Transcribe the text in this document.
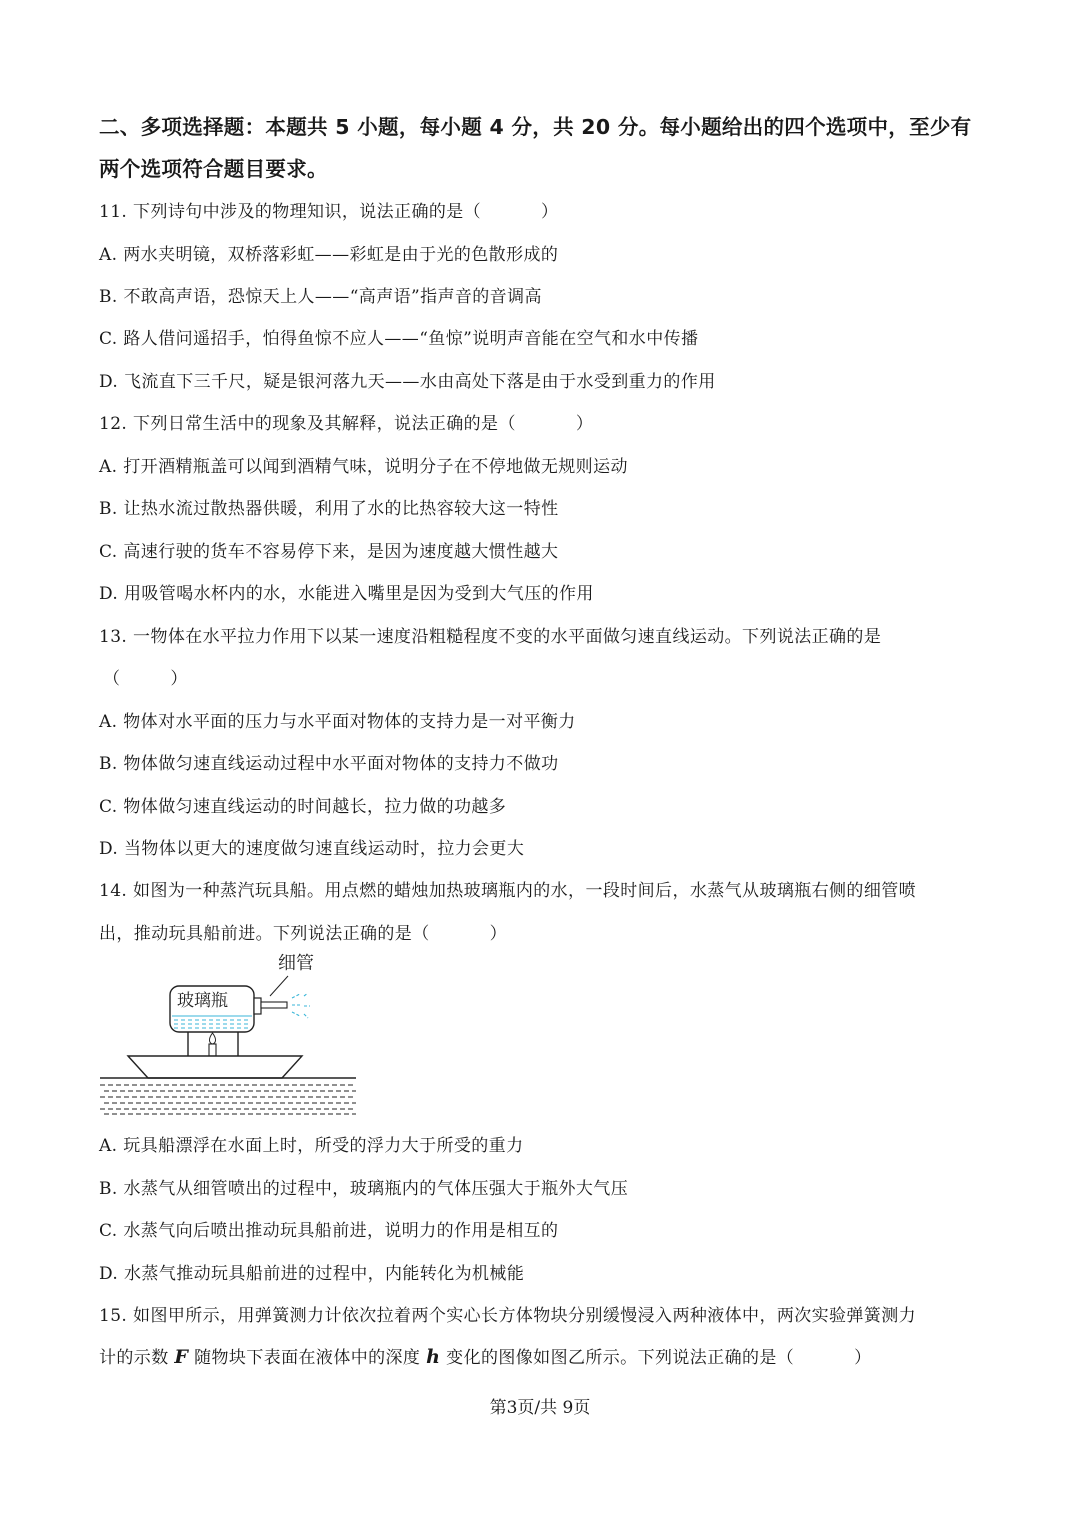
二、多项选择题：本题共 5 小题，每小题 4 分，共 20 分。每小题给出的四个选项中，至少有
两个选项符合题目要求。
11. 下列诗句中涉及的物理知识，说法正确的是（	）
A. 两水夹明镜，双桥落彩虹——彩虹是由于光的色散形成的
B. 不敢高声语，恐惊天上人——“高声语”指声音的音调高
C. 路人借问遥招手，怕得鱼惊不应人——“鱼惊”说明声音能在空气和水中传播
D. 飞流直下三千尺，疑是银河落九天——水由高处下落是由于水受到重力的作用
12. 下列日常生活中的现象及其解释，说法正确的是（	）
A. 打开酒精瓶盖可以闻到酒精气味，说明分子在不停地做无规则运动
B. 让热水流过散热器供暖，利用了水的比热容较大这一特性
C. 高速行驶的货车不容易停下来，是因为速度越大惯性越大
D. 用吸管喝水杯内的水，水能进入嘴里是因为受到大气压的作用
13. 一物体在水平拉力作用下以某一速度沿粗糙程度不变的水平面做匀速直线运动。下列说法正确的是
（	）
A. 物体对水平面的压力与水平面对物体的支持力是一对平衡力
B. 物体做匀速直线运动过程中水平面对物体的支持力不做功
C. 物体做匀速直线运动的时间越长，拉力做的功越多
D. 当物体以更大的速度做匀速直线运动时，拉力会更大
14. 如图为一种蒸汽玩具船。用点燃的蜡烛加热玻璃瓶内的水，一段时间后，水蒸气从玻璃瓶右侧的细管喷
出，推动玩具船前进。下列说法正确的是（	）
细管
玻璃瓶
A. 玩具船漂浮在水面上时，所受的浮力大于所受的重力
B. 水蒸气从细管喷出的过程中，玻璃瓶内的气体压强大于瓶外大气压
C. 水蒸气向后喷出推动玩具船前进，说明力的作用是相互的
D. 水蒸气推动玩具船前进的过程中，内能转化为机械能
15. 如图甲所示，用弹簧测力计依次拉着两个实心长方体物块分别缓慢浸入两种液体中，两次实验弹簧测力
计的示数 F 随物块下表面在液体中的深度 h 变化的图像如图乙所示。下列说法正确的是（	）
第3页/共 9页
